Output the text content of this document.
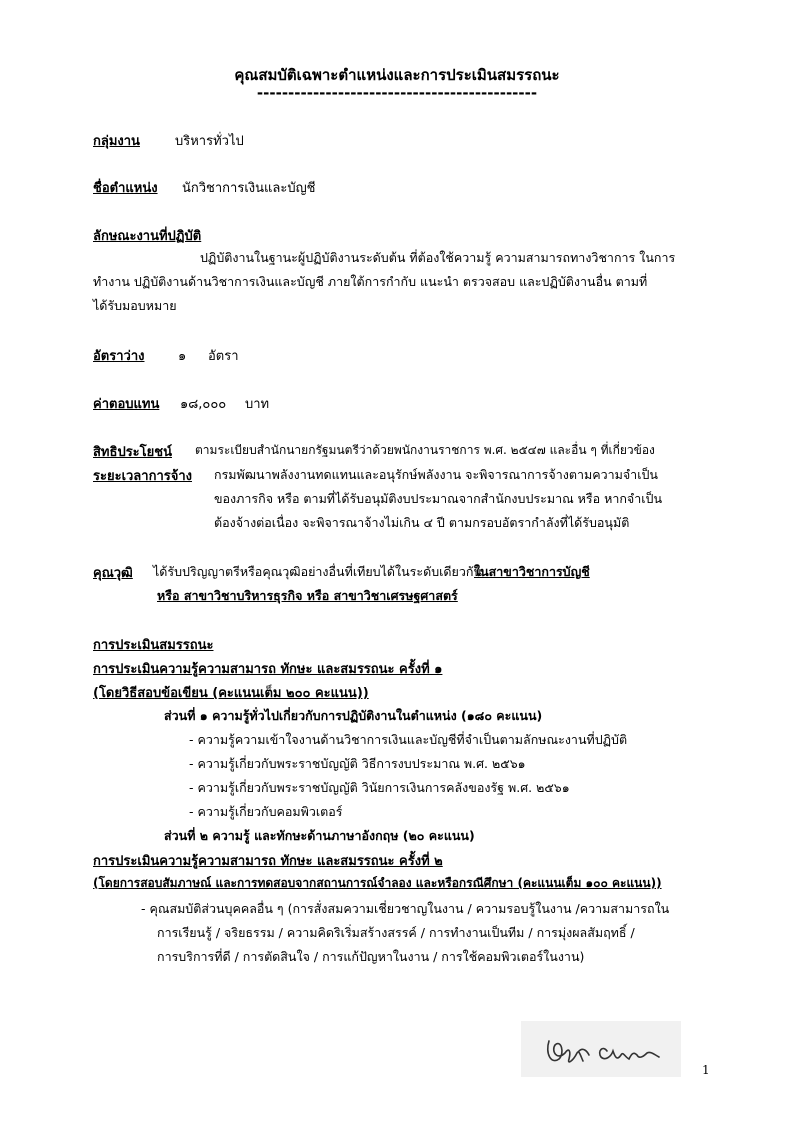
คุณสมบัติเฉพาะตำแหน่งและการประเมินสมรรถนะ
---------------------------------------------
กลุ่มงาน	บริหารทั่วไป
ชื่อตำแหน่ง นักวิชาการเงินและบัญชี
ลักษณะงานที่ปฏิบัติ
ปฏิบัติงานในฐานะผู้ปฏิบัติงานระดับต้น ที่ต้องใช้ความรู้ ความสามารถทางวิชาการ ในการ
ทำงาน ปฏิบัติงานด้านวิชาการเงินและบัญชี ภายใต้การกำกับ แนะนำ ตรวจสอบ และปฏิบัติงานอื่น ตามที่
ได้รับมอบหมาย
อัตราว่าง	๑ อัตรา
ค่าตอบแทน ๑๘,๐๐๐ บาท
สิทธิประโยชน์ ตามระเบียบสำนักนายกรัฐมนตรีว่าด้วยพนักงานราชการ พ.ศ. ๒๕๔๗ และอื่น ๆ ที่เกี่ยวข้อง
ระยะเวลาการจ้าง กรมพัฒนาพลังงานทดแทนและอนุรักษ์พลังงาน จะพิจารณาการจ้างตามความจำเป็น
ของภารกิจ หรือ ตามที่ได้รับอนุมัติงบประมาณจากสำนักงบประมาณ หรือ หากจำเป็น
ต้องจ้างต่อเนื่อง จะพิจารณาจ้างไม่เกิน ๔ ปี ตามกรอบอัตรากำลังที่ได้รับอนุมัติ
คุณวุฒิ ได้รับปริญญาตรีหรือคุณวุฒิอย่างอื่นที่เทียบได้ในระดับเดียวกัน
ในสาขาวิชาการบัญชี
หรือ สาขาวิชาบริหารธุรกิจ หรือ สาขาวิชาเศรษฐศาสตร์
การประเมินสมรรถนะ
การประเมินความรู้ความสามารถ ทักษะ และสมรรถนะ ครั้งที่ ๑
(โดยวิธีสอบข้อเขียน (คะแนนเต็ม ๒๐๐ คะแนน))
ส่วนที่ ๑ ความรู้ทั่วไปเกี่ยวกับการปฏิบัติงานในตำแหน่ง (๑๘๐ คะแนน)
- ความรู้ความเข้าใจงานด้านวิชาการเงินและบัญชีที่จำเป็นตามลักษณะงานที่ปฏิบัติ
- ความรู้เกี่ยวกับพระราชบัญญัติ วิธีการงบประมาณ พ.ศ. ๒๕๖๑
- ความรู้เกี่ยวกับพระราชบัญญัติ วินัยการเงินการคลังของรัฐ พ.ศ. ๒๕๖๑
- ความรู้เกี่ยวกับคอมพิวเตอร์
ส่วนที่ ๒ ความรู้ และทักษะด้านภาษาอังกฤษ (๒๐ คะแนน)
การประเมินความรู้ความสามารถ ทักษะ และสมรรถนะ ครั้งที่ ๒
(โดยการสอบสัมภาษณ์ และการทดสอบจากสถานการณ์จำลอง และหรือกรณีศึกษา (คะแนนเต็ม ๑๐๐ คะแนน))
- คุณสมบัติส่วนบุคคลอื่น ๆ (การสั่งสมความเชี่ยวชาญในงาน / ความรอบรู้ในงาน /ความสามารถใน
การเรียนรู้ / จริยธรรม / ความคิดริเริ่มสร้างสรรค์ / การทำงานเป็นทีม / การมุ่งผลสัมฤทธิ์ /
การบริการที่ดี / การตัดสินใจ / การแก้ปัญหาในงาน / การใช้คอมพิวเตอร์ในงาน)
1
